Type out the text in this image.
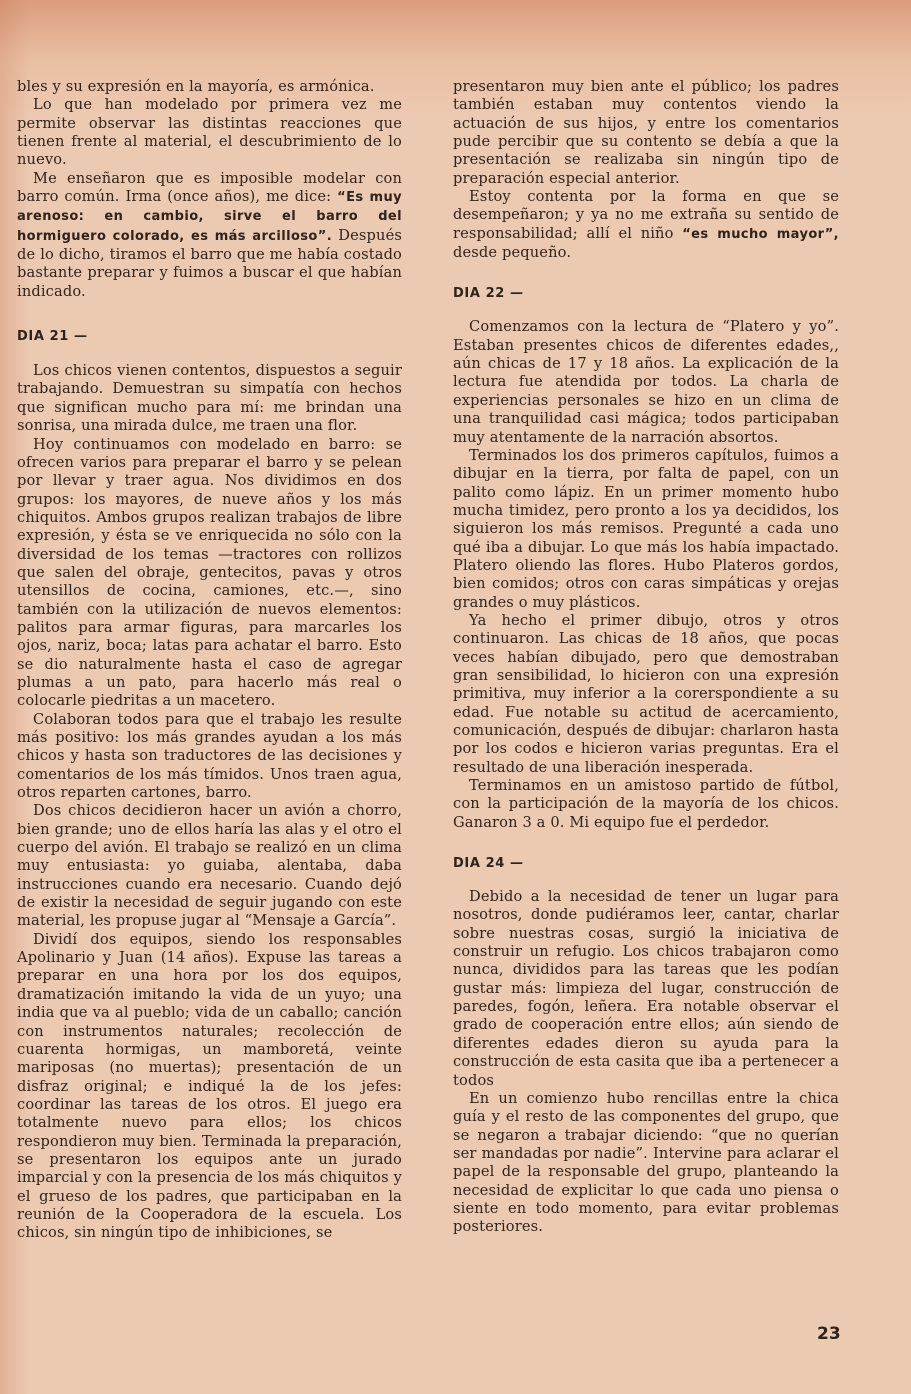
bles y su expresión en la mayoría, es armónica.

Lo que han modelado por primera vez me permite observar las distintas reacciones que tienen frente al material, el descubrimiento de lo nuevo.

Me enseñaron que es imposible modelar con barro común. Irma (once años), me dice: “Es muy arenoso: en cambio, sirve el barro del hormiguero colorado, es más arcilloso”. Después de lo dicho, tiramos el barro que me había costado bastante preparar y fuimos a buscar el que habían indicado.

DIA 21 —

Los chicos vienen contentos, dispuestos a seguir trabajando. Demuestran su simpatía con hechos que significan mucho para mí: me brindan una sonrisa, una mirada dulce, me traen una flor.

Hoy continuamos con modelado en barro: se ofrecen varios para preparar el barro y se pelean por llevar y traer agua. Nos dividimos en dos grupos: los mayores, de nueve años y los más chiquitos. Ambos grupos realizan trabajos de libre expresión, y ésta se ve enriquecida no sólo con la diversidad de los temas —tractores con rollizos que salen del obraje, gentecitos, pavas y otros utensillos de cocina, camiones, etc.—, sino también con la utilización de nuevos elementos: palitos para armar figuras, para marcarles los ojos, nariz, boca; latas para achatar el barro. Esto se dio naturalmente hasta el caso de agregar plumas a un pato, para hacerlo más real o colocarle piedritas a un macetero.

Colaboran todos para que el trabajo les resulte más positivo: los más grandes ayudan a los más chicos y hasta son traductores de las decisiones y comentarios de los más tímidos. Unos traen agua, otros reparten cartones, barro.

Dos chicos decidieron hacer un avión a chorro, bien grande; uno de ellos haría las alas y el otro el cuerpo del avión. El trabajo se realizó en un clima muy entusiasta: yo guiaba, alentaba, daba instrucciones cuando era necesario. Cuando dejó de existir la necesidad de seguir jugando con este material, les propuse jugar al “Mensaje a García”.

Dividí dos equipos, siendo los responsables Apolinario y Juan (14 años). Expuse las tareas a preparar en una hora por los dos equipos, dramatización imitando la vida de un yuyo; una india que va al pueblo; vida de un caballo; canción con instrumentos naturales; recolección de cuarenta hormigas, un mamboretá, veinte mariposas (no muertas); presentación de un disfraz original; e indiqué la de los jefes: coordinar las tareas de los otros. El juego era totalmente nuevo para ellos; los chicos respondieron muy bien. Terminada la preparación, se presentaron los equipos ante un jurado imparcial y con la presencia de los más chiquitos y el grueso de los padres, que participaban en la reunión de la Cooperadora de la escuela. Los chicos, sin ningún tipo de inhibiciones, se

presentaron muy bien ante el público; los padres también estaban muy contentos viendo la actuación de sus hijos, y entre los comentarios pude percibir que su contento se debía a que la presentación se realizaba sin ningún tipo de preparación especial anterior.

Estoy contenta por la forma en que se desempeñaron; y ya no me extraña su sentido de responsabilidad; allí el niño “es mucho mayor”, desde pequeño.

DIA 22 —

Comenzamos con la lectura de “Platero y yo”. Estaban presentes chicos de diferentes edades,, aún chicas de 17 y 18 años. La explicación de la lectura fue atendida por todos. La charla de experiencias personales se hizo en un clima de una tranquilidad casi mágica; todos participaban muy atentamente de la narración absortos.

Terminados los dos primeros capítulos, fuimos a dibujar en la tierra, por falta de papel, con un palito como lápiz. En un primer momento hubo mucha timidez, pero pronto a los ya decididos, los siguieron los más remisos. Pregunté a cada uno qué iba a dibujar. Lo que más los había impactado. Platero oliendo las flores. Hubo Plateros gordos, bien comidos; otros con caras simpáticas y orejas grandes o muy plásticos.

Ya hecho el primer dibujo, otros y otros continuaron. Las chicas de 18 años, que pocas veces habían dibujado, pero que demostraban gran sensibilidad, lo hicieron con una expresión primitiva, muy inferior a la corerspondiente a su edad. Fue notable su actitud de acercamiento, comunicación, después de dibujar: charlaron hasta por los codos e hicieron varias preguntas. Era el resultado de una liberación inesperada.

Terminamos en un amistoso partido de fútbol, con la participación de la mayoría de los chicos. Ganaron 3 a 0. Mi equipo fue el perdedor.

DIA 24 —

Debido a la necesidad de tener un lugar para nosotros, donde pudiéramos leer, cantar, charlar sobre nuestras cosas, surgió la iniciativa de construir un refugio. Los chicos trabajaron como nunca, divididos para las tareas que les podían gustar más: limpieza del lugar, construcción de paredes, fogón, leñera. Era notable observar el grado de cooperación entre ellos; aún siendo de diferentes edades dieron su ayuda para la construcción de esta casita que iba a pertenecer a todos

En un comienzo hubo rencillas entre la chica guía y el resto de las componentes del grupo, que se negaron a trabajar diciendo: “que no querían ser mandadas por nadie”. Intervine para aclarar el papel de la responsable del grupo, planteando la necesidad de explicitar lo que cada uno piensa o siente en todo momento, para evitar problemas posteriores.

23
